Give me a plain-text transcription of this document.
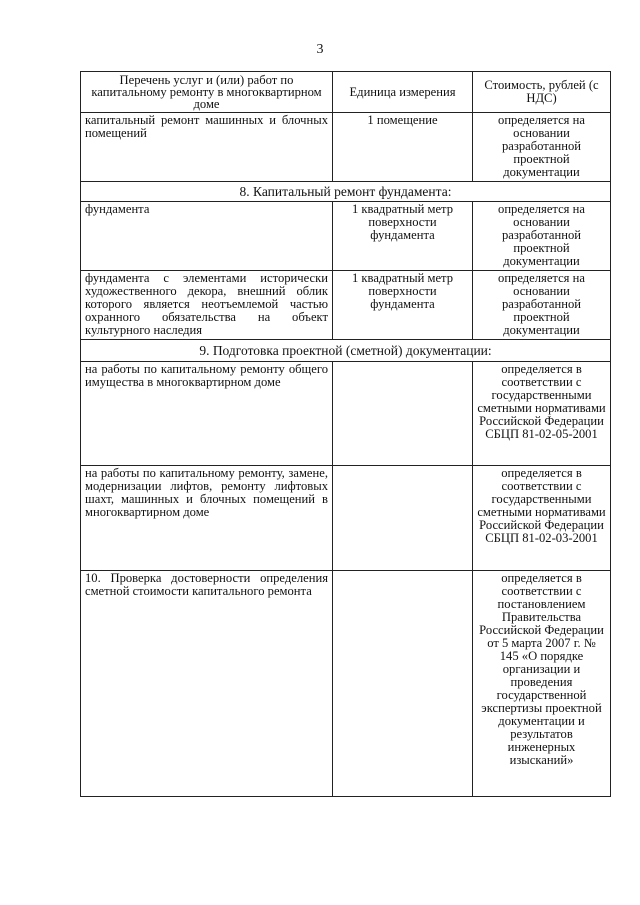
3
Перечень услуг и (или) работ по капитальному ремонту в многоквартирном доме	Единица измерения	Стоимость, рублей (с НДС)
капитальный ремонт машинных и блочных помещений	1 помещение	определяется на основании разработанной проектной документации
8. Капитальный ремонт фундамента:		
фундамента	1 квадратный метр поверхности фундамента	определяется на основании разработанной проектной документации
фундамента с элементами исторически художественного декора, внешний облик которого является неотъемлемой частью охранного обязательства на объект культурного наследия	1 квадратный метр поверхности фундамента	определяется на основании разработанной проектной документации
9. Подготовка проектной (сметной) документации:		
на работы по капитальному ремонту общего имущества в многоквартирном доме		определяется в соответствии с государственными сметными нормативами Российской Федерации СБЦП 81-02-05-2001
на работы по капитальному ремонту, замене, модернизации лифтов, ремонту лифтовых шахт, машинных и блочных помещений в многоквартирном доме		определяется в соответствии с государственными сметными нормативами Российской Федерации СБЦП 81-02-03-2001
10. Проверка достоверности определения сметной стоимости капитального ремонта		определяется в соответствии с постановлением Правительства Российской Федерации от 5 марта 2007 г. № 145 «О порядке организации и проведения государственной экспертизы проектной документации и результатов инженерных изысканий»
